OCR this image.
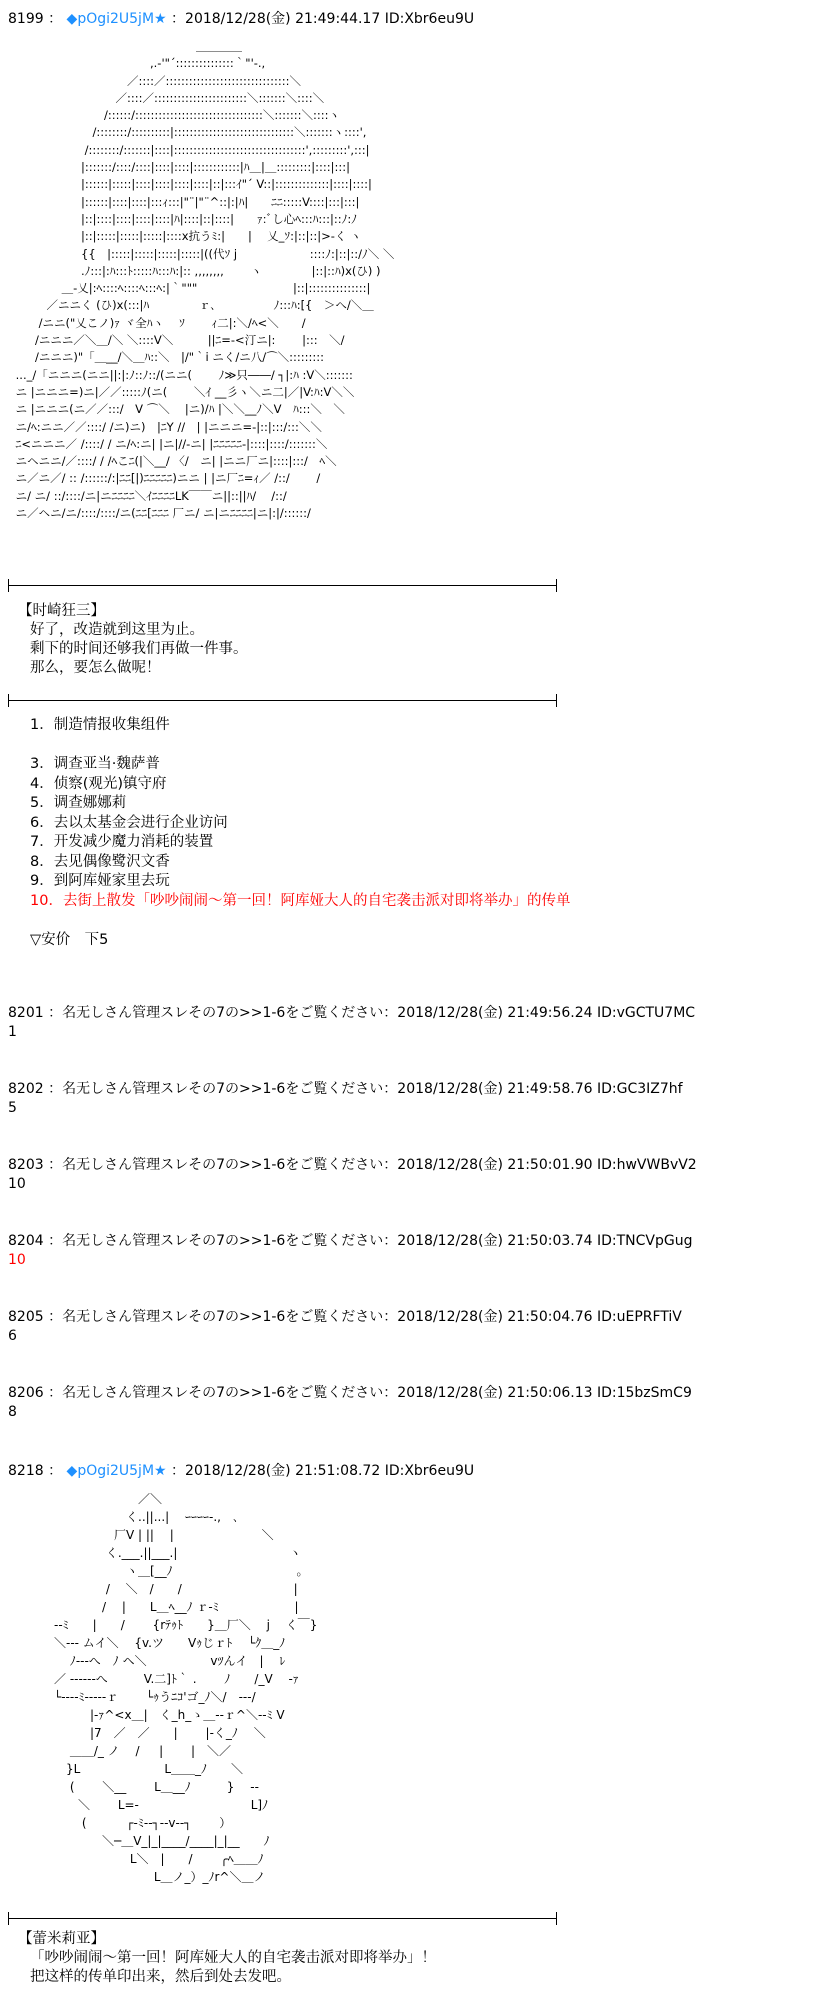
8199 ： ◆pOgi2U5jM★ ：2018/12/28(金) 21:49:44.17 ID:Xbr6eu9U
　　　　　　　　　　　　　　　　＿＿＿＿
　　　　　　　　　　　　,.‐'"´:::::::::::::::｀"'‐.,
　　　　　　　　　　／::::／::::::::::::::::::::::::::::::::＼
　　　　　　　　　／::::／::::::::::::::::::::::::＼:::::::＼::::＼
　　　　　　　　/::::::/:::::::::::::::::::::::::::::::::＼:::::::＼::::ヽ
　　　　　　　/::::::::/::::::::::|:::::::::::::::::::::::::::::::＼:::::::ヽ::::',
　　　　　　 /::::::::/:::::::|::::|::::::::::::::::::::::::::::::::::',:::::::::',:::|
　　　　　　|:::::::/::::/::::|::::|::::|::::::::::::|ﾊ＿|＿:::::::::|::::|:::|
　　　　　　|::::::|:::::|::::|::::|::::|::::|::|:::ｲ"´ V::|::::::::::::::|::::|::::|
　　　　　　|::::::|::::|::::|:::ｨ:::|"¨|"¨^::|:|ﾊ|　　ﾆﾆ:::::V::::|:::|:::|
　　　　　　|::|::::|::::|::::|::::|ﾊ|::::|::|::::|　　ｧ:ﾞし心ﾍ:::ﾊ:::|::ﾉ:ﾉ
　　　　　　|::|:::::|:::::|:::::|::::x抗うﾐ:|　　|　 乂_ｿ:|::|::|>‐く ヽ
　　　　　　{{　|:::::|:::::|:::::|:::::|((代ｿ j　　　　　　 ::::ﾉ:|::|::/ﾉ＼ ＼
　　　　　　.ﾉ:::|:ﾊ:::ﾄ:::::ﾊ:::ﾊ:|:: ,,,,,,,,　　 ヽ　　　　 |::|::ﾊ)x(ひ) )
　　　　 ＿-乂|:ﾍ::::ﾍ::::ﾍ:::ﾍ:|｀"""　　　　　　　　 |::|:::::::::::::::|
　　　／ニニく (ひ)x(:::|ﾊ　　　　 ｒ､　　　　　ﾉ:::ﾊ:[{　＞へ/＼＿
　　 /ニニ("乂こノ)ｧ ヾ全ﾊヽ　 ｿ　　 ｨ二|:＼/ﾍ<＼　　/
　　/ニニニ／＼＿/＼ ＼::::V＼　　　||ﾆ=-<汀ニ|:　　 |:::　＼/
　　/ニニニ)"「＿__/＼＿ﾊ::＼　|/"｀i ニく/ニ八/⌒＼:::::::::
..._/「ニニニ(ニニ||:|:ﾉ::ﾉ::/(ニニ(　　 ﾉ≫只――/ ┐|:ﾊ :V＼:::::::
ニ |ニニニ=)ニ|／／:::::ﾉ(ニ(　　 ＼ｲ __彡ヽ＼ニ二|／|V:ﾊ:V＼＼
ニ |ニニニ(ニ／／:::/　V ⌒＼　 |ニ)/ﾊ |＼＼__ﾉ＼V　ﾊ:::＼　＼
ニ/ﾍ:ニニ／／::::/ /ニ)ニ)　|ﾆY //　| |ニニニ=-|::|:::/:::＼＼
ﾆ<ニニニ／ /::::/ / ニ/ﾍ:ニ| |ニ|//-ニ| |ﾆﾆﾆﾆﾆ-|::::|::::/:::::::＼
ニヘニニ/／::::/ / /ﾍこﾆ(|＼__/ 〈/　ニ| |ニニ厂ニ|::::|:::/　ﾍ＼
ニ／ニ／/ :: /::::::/:|ﾆﾆ[|)ﾆﾆﾆﾆﾆ)ニニ | |ニ厂ﾆ=ｨ／ /::/　　 /
ニ/ ニ/ ::/::::/ニ|ニﾆﾆﾆﾆ＼ｲﾆﾆﾆﾆLK￣￣ニ||::||ﾊ/ 　/::/
ニ／ヘニ/ニ/::::/::::/ニ(ﾆﾆ[ﾆﾆﾆ 厂ニ/ ニ|ニﾆﾆﾆﾆ|ニ|:|/::::::/
【时崎狂三】
好了，改造就到这里为止。
剩下的时间还够我们再做一件事。
那么，要怎么做呢！
1．制造情报收集组件
3．调查亚当·魏萨普
4．侦察(观光)镇守府
5．调查娜娜莉
6．去以太基金会进行企业访问
7．开发减少魔力消耗的装置
8．去见偶像鹭沢文香
9．到阿库娅家里去玩
10．去街上散发「吵吵闹闹～第一回！阿库娅大人的自宅袭击派对即将举办」的传单
▽安价　下5
8201 ：名无しさん管理スレその7の>>1-6をご覧ください：2018/12/28(金) 21:49:56.24 ID:vGCTU7MC
1
8202 ：名无しさん管理スレその7の>>1-6をご覧ください：2018/12/28(金) 21:49:58.76 ID:GC3IZ7hf
5
8203 ：名无しさん管理スレその7の>>1-6をご覧ください：2018/12/28(金) 21:50:01.90 ID:hwVWBvV2
10
8204 ：名无しさん管理スレその7の>>1-6をご覧ください：2018/12/28(金) 21:50:03.74 ID:TNCVpGug
10
8205 ：名无しさん管理スレその7の>>1-6をご覧ください：2018/12/28(金) 21:50:04.76 ID:uEPRFTiV
6
8206 ：名无しさん管理スレその7の>>1-6をご覧ください：2018/12/28(金) 21:50:06.13 ID:15bzSmC9
8
8218 ： ◆pOgi2U5jM★ ：2018/12/28(金) 21:51:08.72 ID:Xbr6eu9U
　　　　　　　　　／＼
　　　　　　　　く..||...|　 ｰｰｰｰ-.,　､
　　　　　　　厂V | ||　 |　　　　　　　 ＼
　　　　　　 く.___.||___.|　　　　　　　　　 ヽ
　　　　　　　　ヽ＿[__ﾉ　　　　　　　　　　 。
　　　　　　 /　 ＼　/　　/　　　　　　　　　 |
　　　　　　/　 |　　L＿ﾍ__ﾉ ｒ‐ﾐ　　　　　　 |
　　--ﾐ　　|　　/　　 {rﾃｩﾄ　　}＿厂＼　 j　 く￣}
　　＼‐‐‐ ムイ＼　 {v.ツ　　Vｩじｒﾄ　 └ｸ＿_ﾉ
　　　 ﾉ---へ　ﾉ ヘ＼　　　　 　vﾂんイ　|　 ﾚ
　　／ ------へ　　　V.二]ﾄ｀ .　　 ﾉ　　/_V　 ‐ｧ
　　└----ﾐ-----ｒ　　 └ｩうﾆｺ'ゴ_ﾉ＼/　---/
　　　　　|‐ｧ^<x＿|　く_h_ゝ＿‐‐ｒ^＼‐‐ﾐ V
　　　　　|7　／　／　　|　　 |‐く_ﾉ　 ＼
　　　 ＿＿/_ ノ　 / 　 |　　 |　＼／
　　　}L　　　　　　　L＿＿_ﾉ　　＼
　　　 (　　 ＼__　　 L＿__ﾉ　　　}　 --
　　　　＼　　 L=-　　　　　　　　　 L]ﾉ
　　　　 (　　　 ┌‐ﾐ‐‐┐‐‐v‐‐┐　　 ）
　　　　　　＼─＿V_|_|____/____|_|__　　ﾉ
　　　　　　　　 L＼　|　　/　　 ╭ﾍ＿＿ﾉ
　　　　　　　　　　 L＿ノ_）_ﾉr^＼＿ノ
【蕾米莉亚】
「吵吵闹闹～第一回！阿库娅大人的自宅袭击派对即将举办」！
把这样的传单印出来，然后到处去发吧。
